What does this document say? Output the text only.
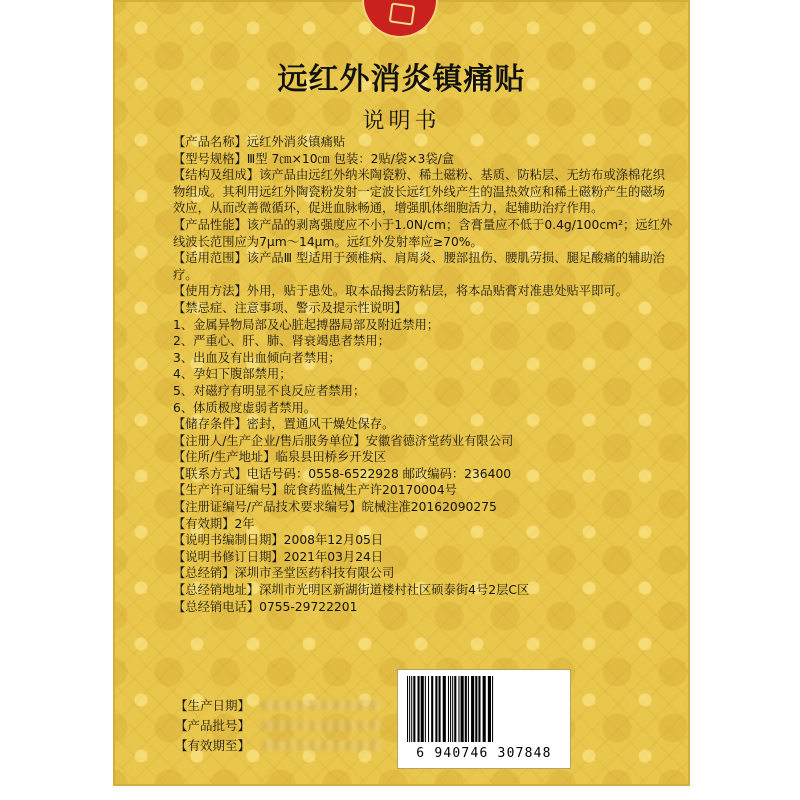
远红外消炎镇痛贴
说明书
【产品名称】远红外消炎镇痛贴
【型号规格】Ⅲ型 7㎝×10㎝ 包装：2贴/袋×3袋/盒
【结构及组成】该产品由远红外纳米陶瓷粉、稀土磁粉、基质、防粘层、无纺布或涤棉花织物组成。其利用远红外陶瓷粉发射一定波长远红外线产生的温热效应和稀土磁粉产生的磁场效应，从而改善微循环，促进血脉畅通，增强肌体细胞活力，起辅助治疗作用。
【产品性能】该产品的剥离强度应不小于1.0N/cm；含膏量应不低于0.4g/100cm²；远红外线波长范围应为7μm～14μm。远红外发射率应≥70%。
【适用范围】该产品Ⅲ 型适用于颈椎病、肩周炎、腰部扭伤、腰肌劳损、腿足酸痛的辅助治疗。
【使用方法】外用，贴于患处。取本品揭去防粘层，将本品贴膏对准患处贴平即可。
【禁忌症、注意事项、警示及提示性说明】
1、金属异物局部及心脏起搏器局部及附近禁用；
2、严重心、肝、肺、肾衰竭患者禁用；
3、出血及有出血倾向者禁用；
4、孕妇下腹部禁用；
5、对磁疗有明显不良反应者禁用；
6、体质极度虚弱者禁用。
【储存条件】密封，置通风干燥处保存。
【注册人/生产企业/售后服务单位】安徽省德济堂药业有限公司
【住所/生产地址】临泉县田桥乡开发区
【联系方式】电话号码：0558-6522928 邮政编码：236400
【生产许可证编号】皖食药监械生产许20170004号
【注册证编号/产品技术要求编号】皖械注准20162090275
【有效期】2年
【说明书编制日期】2008年12月05日
【说明书修订日期】2021年03月24日
【总经销】深圳市圣堂医药科技有限公司
【总经销地址】深圳市光明区新湖街道楼村社区硕泰街4号2层C区
【总经销电话】0755-29722201
【生产日期】
【产品批号】
【有效期至】
6 940746 307848
